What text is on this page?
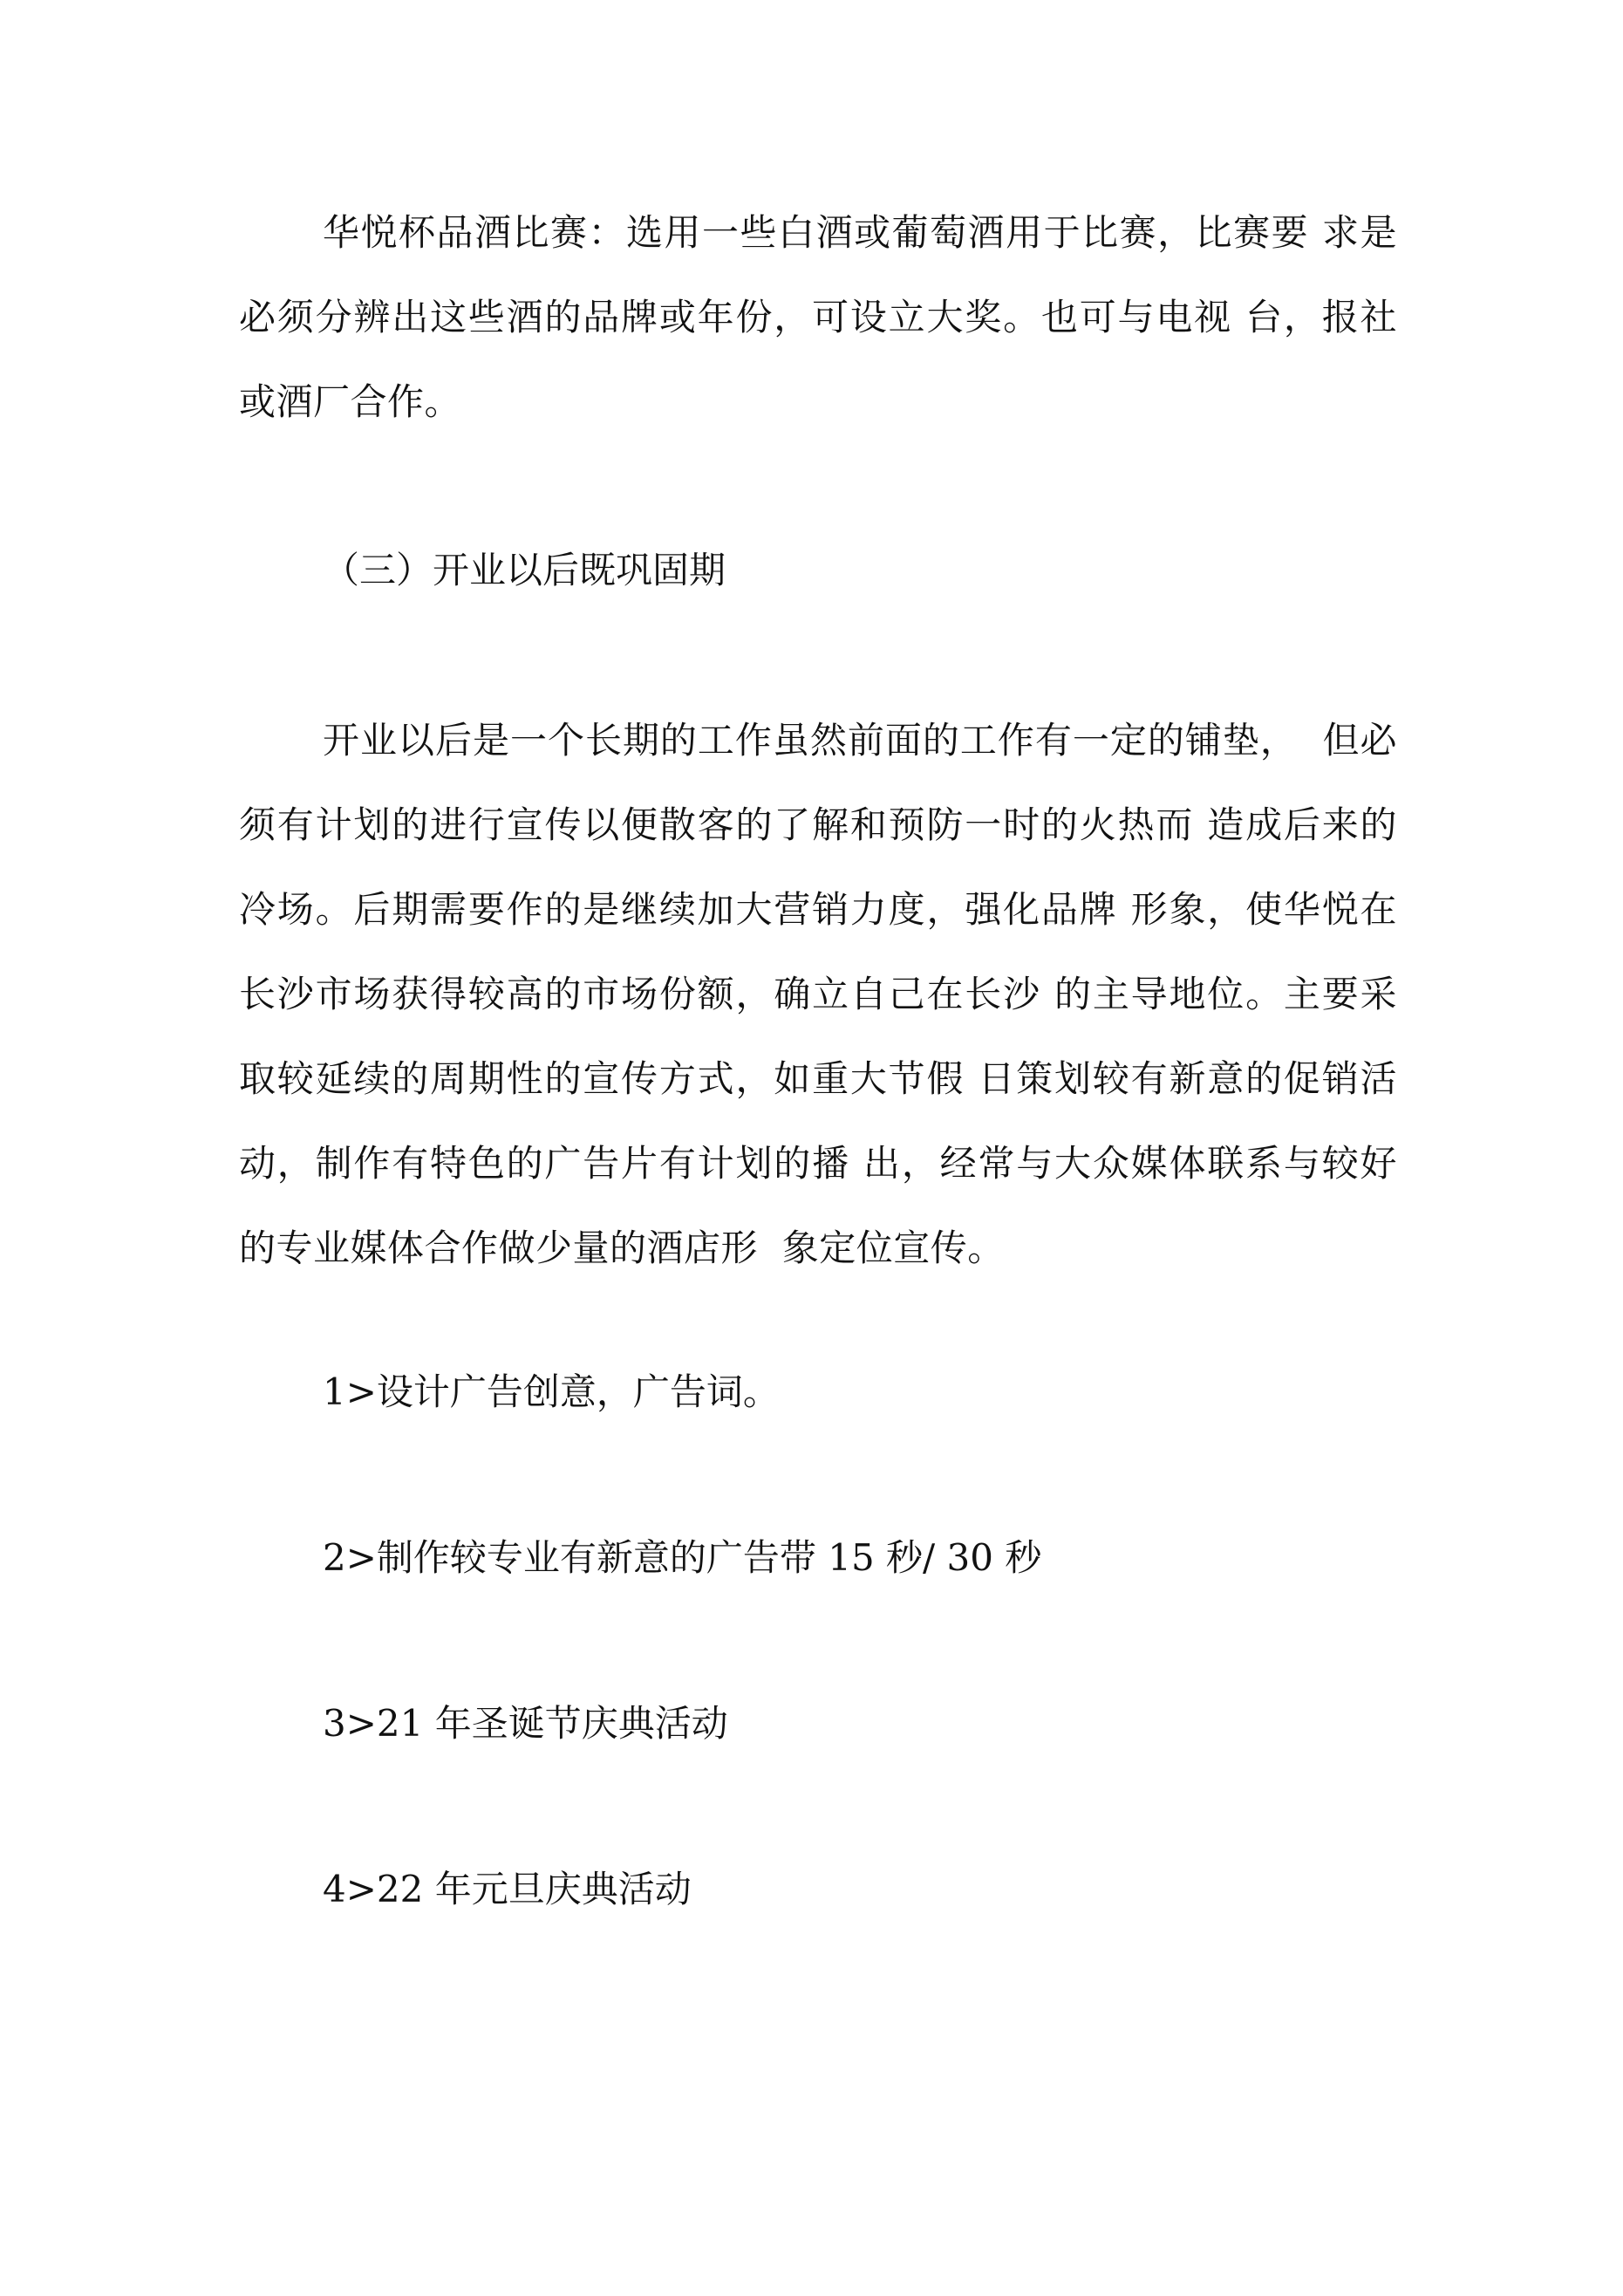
华悦杯品酒比赛：选用一些白酒或葡萄酒用于比赛，比赛要 求是必须分辨出这些酒的品牌或年份，可设立大奖。也可与电视 台，报社或酒厂合作。

（三）开业以后既巩固期

开业以后是一个长期的工作虽然前面的工作有一定的铺垫，  但必须有计划的进行宣传以便散客的了解和预防一时的火热而 造成后来的冷场。后期需要作的是继续加大营销力度，强化品牌 形象，使华悦在长沙市场获得较高的市场份额，确立自己在长沙 的主导地位。主要采取较延续的周期性的宣传方式，如重大节假 日策划较有新意的促销活动，制作有特色的广告片有计划的播 出，经常与大众媒体联系与较好的专业媒体合作做少量的酒店形  象定位宣传。

1>设计广告创意，广告词。

2>制作较专业有新意的广告带 15 秒/ 30 秒

3>21 年圣诞节庆典活动

4>22 年元旦庆典活动
